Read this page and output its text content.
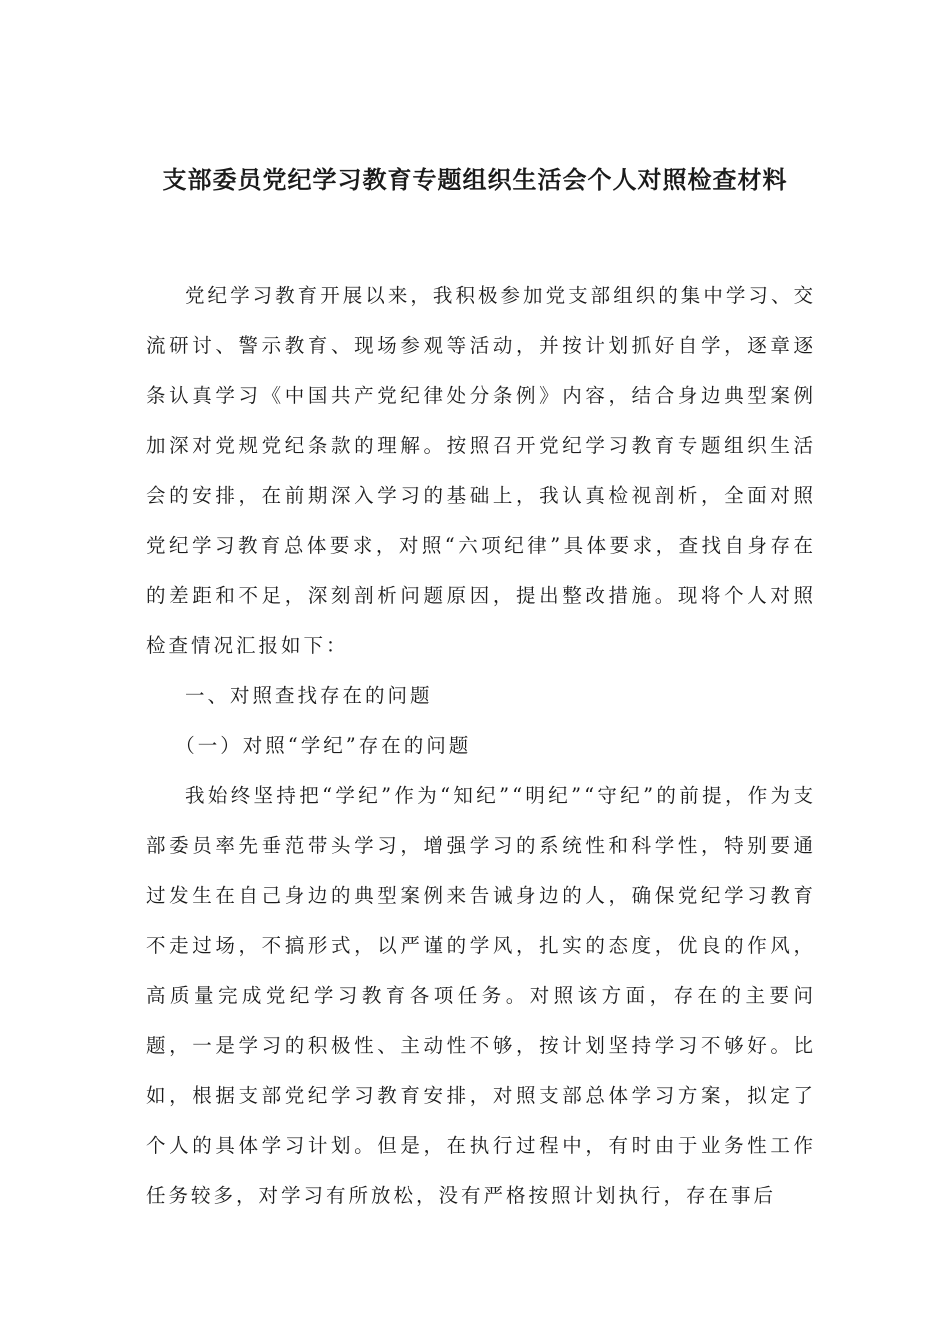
支部委员党纪学习教育专题组织生活会个人对照检查材料

党纪学习教育开展以来，我积极参加党支部组织的集中学习、交流研讨、警示教育、现场参观等活动，并按计划抓好自学，逐章逐条认真学习《中国共产党纪律处分条例》内容，结合身边典型案例加深对党规党纪条款的理解。按照召开党纪学习教育专题组织生活会的安排，在前期深入学习的基础上，我认真检视剖析，全面对照党纪学习教育总体要求，对照“六项纪律”具体要求，查找自身存在的差距和不足，深刻剖析问题原因，提出整改措施。现将个人对照检查情况汇报如下：

一、对照查找存在的问题

（一）对照“学纪”存在的问题

我始终坚持把“学纪”作为“知纪”“明纪”“守纪”的前提，作为支部委员率先垂范带头学习，增强学习的系统性和科学性，特别要通过发生在自己身边的典型案例来告诫身边的人，确保党纪学习教育不走过场，不搞形式，以严谨的学风，扎实的态度，优良的作风，高质量完成党纪学习教育各项任务。对照该方面，存在的主要问题，一是学习的积极性、主动性不够，按计划坚持学习不够好。比如，根据支部党纪学习教育安排，对照支部总体学习方案，拟定了个人的具体学习计划。但是，在执行过程中，有时由于业务性工作任务较多，对学习有所放松，没有严格按照计划执行，存在事后
